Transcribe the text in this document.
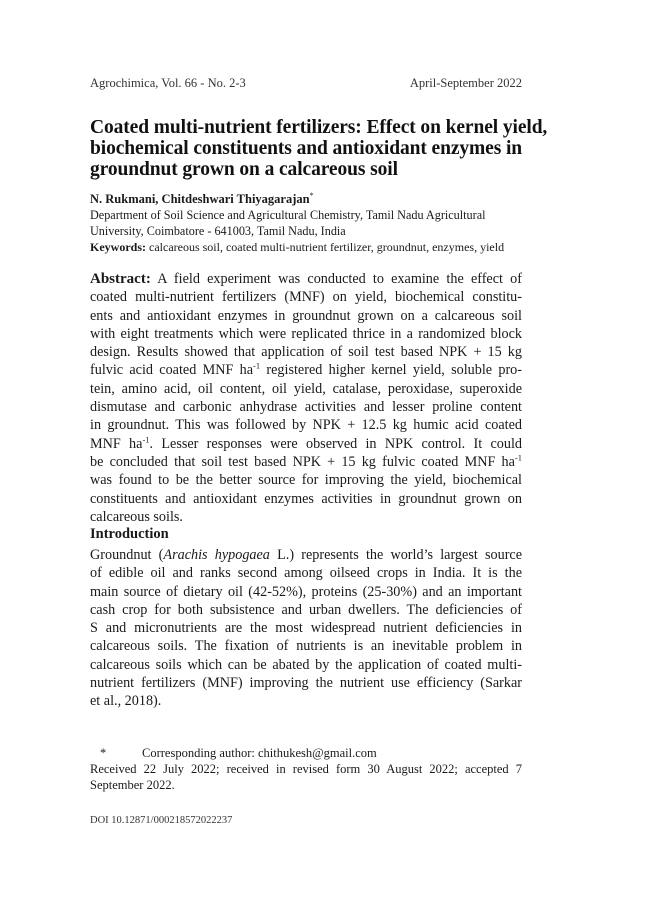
Agrochimica, Vol. 66 - No. 2-3	April-September 2022
Coated multi-nutrient fertilizers: Effect on kernel yield,
biochemical constituents and antioxidant enzymes in
groundnut grown on a calcareous soil
N. Rukmani, Chitdeshwari Thiyagarajan*
Department of Soil Science and Agricultural Chemistry, Tamil Nadu Agricultural
University, Coimbatore - 641003, Tamil Nadu, India
Keywords: calcareous soil, coated multi-nutrient fertilizer, groundnut, enzymes, yield
Abstract: A field experiment was conducted to examine the effect of
coated multi-nutrient fertilizers (MNF) on yield, biochemical constitu-
ents and antioxidant enzymes in groundnut grown on a calcareous soil
with eight treatments which were replicated thrice in a randomized block
design. Results showed that application of soil test based NPK + 15 kg
fulvic acid coated MNF $ha^{-1}$ registered higher kernel yield, soluble pro-
tein, amino acid, oil content, oil yield, catalase, peroxidase, superoxide
dismutase and carbonic anhydrase activities and lesser proline content
in groundnut. This was followed by NPK + 12.5 kg humic acid coated
MNF $ha^{-1}$. Lesser responses were observed in NPK control. It could
be concluded that soil test based NPK + 15 kg fulvic coated MNF $ha^{-1}$
was found to be the better source for improving the yield, biochemical
constituents and antioxidant enzymes activities in groundnut grown on
calcareous soils.
Introduction
Groundnut (Arachis hypogaea L.) represents the world’s largest source
of edible oil and ranks second among oilseed crops in India. It is the
main source of dietary oil (42-52%), proteins (25-30%) and an important
cash crop for both subsistence and urban dwellers. The deficiencies of
S and micronutrients are the most widespread nutrient deficiencies in
calcareous soils. The fixation of nutrients is an inevitable problem in
calcareous soils which can be abated by the application of coated multi-
nutrient fertilizers (MNF) improving the nutrient use efficiency (Sarkar
et al., 2018).
*	Corresponding author: chithukesh@gmail.com
Received 22 July 2022; received in revised form 30 August 2022; accepted 7
September 2022.
DOI 10.12871/000218572022237
